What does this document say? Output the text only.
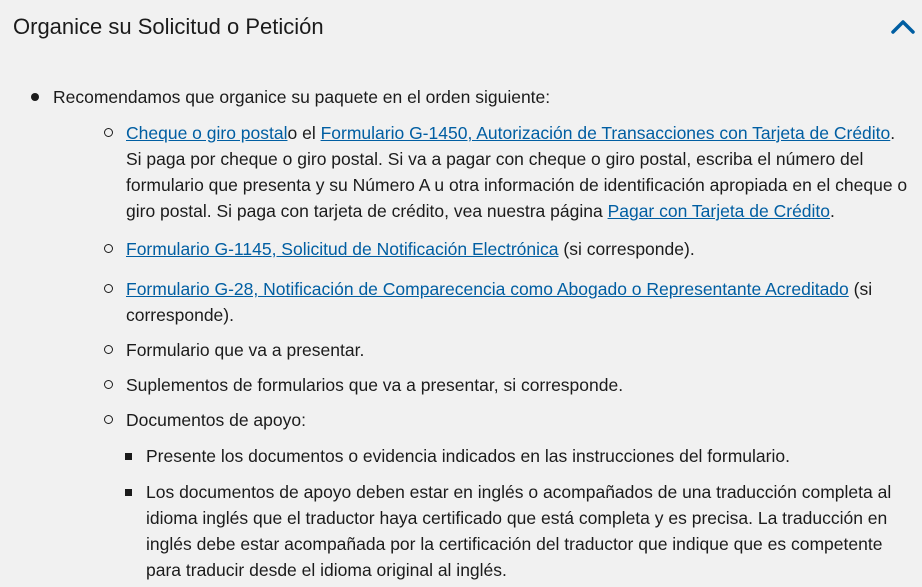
Organice su Solicitud o Petición
Recomendamos que organice su paquete en el orden siguiente:
Cheque o giro postalo el Formulario G-1450, Autorización de Transacciones con Tarjeta de Crédito. Si paga por cheque o giro postal. Si va a pagar con cheque o giro postal, escriba el número del formulario que presenta y su Número A u otra información de identificación apropiada en el cheque o giro postal. Si paga con tarjeta de crédito, vea nuestra página Pagar con Tarjeta de Crédito.
Formulario G-1145, Solicitud de Notificación Electrónica (si corresponde).
Formulario G-28, Notificación de Comparecencia como Abogado o Representante Acreditado (si corresponde).
Formulario que va a presentar.
Suplementos de formularios que va a presentar, si corresponde.
Documentos de apoyo:
Presente los documentos o evidencia indicados en las instrucciones del formulario.
Los documentos de apoyo deben estar en inglés o acompañados de una traducción completa al idioma inglés que el traductor haya certificado que está completa y es precisa. La traducción en inglés debe estar acompañada por la certificación del traductor que indique que es competente para traducir desde el idioma original al inglés.
